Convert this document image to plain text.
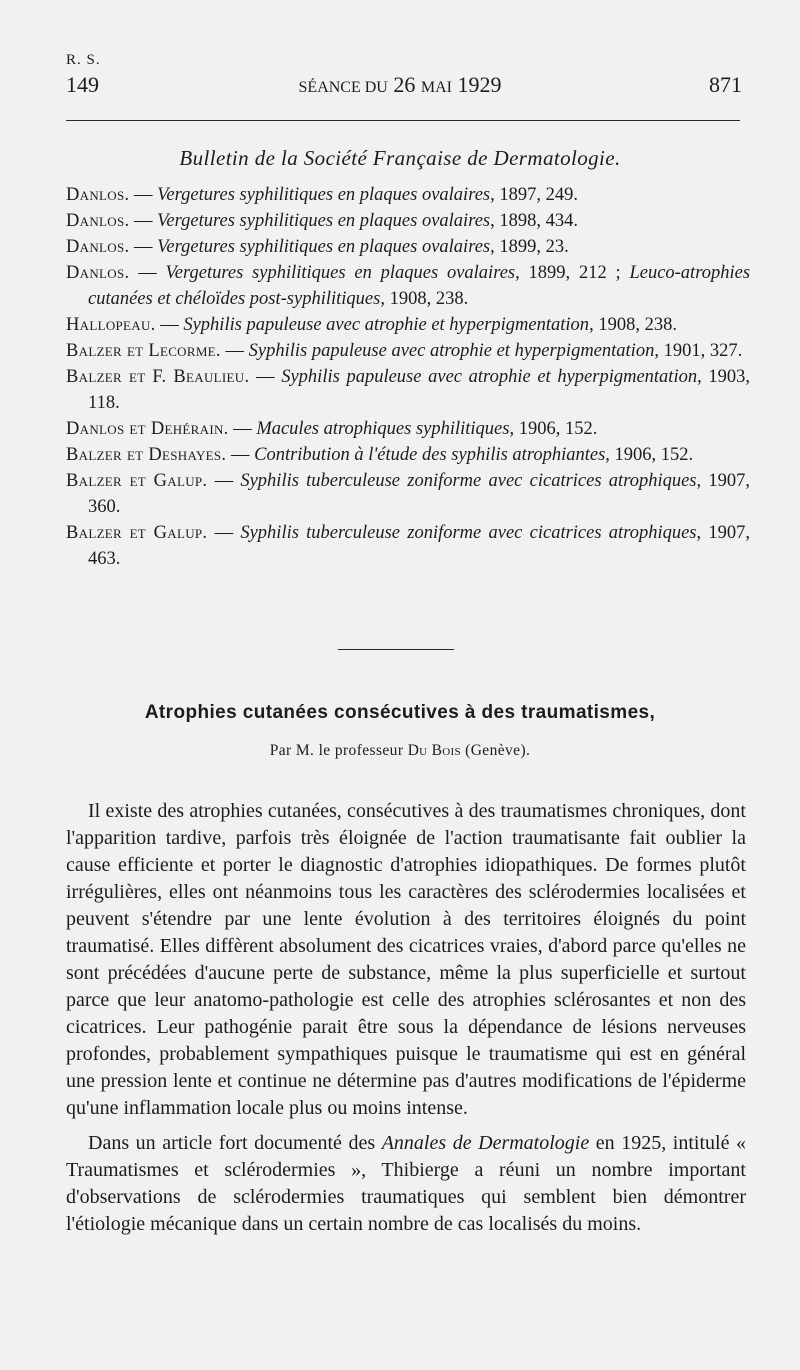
R. S.
149	SÉANCE DU 26 MAI 1929	871
Bulletin de la Société Française de Dermatologie.
Danlos. — Vergetures syphilitiques en plaques ovalaires, 1897, 249.
Danlos. — Vergetures syphilitiques en plaques ovalaires, 1898, 434.
Danlos. — Vergetures syphilitiques en plaques ovalaires, 1899, 23.
Danlos. — Vergetures syphilitiques en plaques ovalaires, 1899, 212 ; Leuco-atrophies cutanées et chéloïdes post-syphilitiques, 1908, 238.
Hallopeau. — Syphilis papuleuse avec atrophie et hyperpigmentation, 1908, 238.
Balzer et Lecorme. — Syphilis papuleuse avec atrophie et hyperpigmentation, 1901, 327.
Balzer et F. Beaulieu. — Syphilis papuleuse avec atrophie et hyperpigmentation, 1903, 118.
Danlos et Dehérain. — Macules atrophiques syphilitiques, 1906, 152.
Balzer et Deshayes. — Contribution à l'étude des syphilis atrophiantes, 1906, 152.
Balzer et Galup. — Syphilis tuberculeuse zoniforme avec cicatrices atrophiques, 1907, 360.
Balzer et Galup. — Syphilis tuberculeuse zoniforme avec cicatrices atrophiques, 1907, 463.
Atrophies cutanées consécutives à des traumatismes,
Par M. le professeur Du Bois (Genève).

Il existe des atrophies cutanées, consécutives à des traumatismes chroniques, dont l'apparition tardive, parfois très éloignée de l'action traumatisante fait oublier la cause efficiente et porter le diagnostic d'atrophies idiopathiques. De formes plutôt irrégulières, elles ont néanmoins tous les caractères des sclérodermies localisées et peuvent s'étendre par une lente évolution à des territoires éloignés du point traumatisé. Elles diffèrent absolument des cicatrices vraies, d'abord parce qu'elles ne sont précédées d'aucune perte de substance, même la plus superficielle et surtout parce que leur anatomo-pathologie est celle des atrophies sclérosantes et non des cicatrices. Leur pathogénie parait être sous la dépendance de lésions nerveuses profondes, probablement sympathiques puisque le traumatisme qui est en général une pression lente et continue ne détermine pas d'autres modifications de l'épiderme qu'une inflammation locale plus ou moins intense.

Dans un article fort documenté des Annales de Dermatologie en 1925, intitulé « Traumatismes et sclérodermies », Thibierge a réuni un nombre important d'observations de sclérodermies traumatiques qui semblent bien démontrer l'étiologie mécanique dans un certain nombre de cas localisés du moins.
